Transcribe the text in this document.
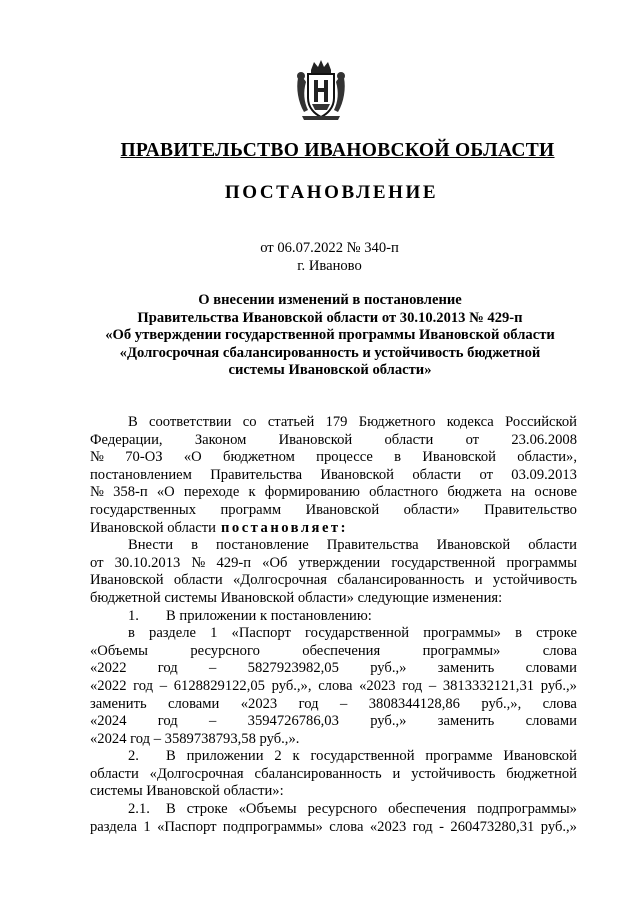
ПРАВИТЕЛЬСТВО ИВАНОВСКОЙ ОБЛАСТИ
ПОСТАНОВЛЕНИЕ
от 06.07.2022 № 340-п
г. Иваново
О внесении изменений в постановление
Правительства Ивановской области от 30.10.2013 № 429-п
«Об утверждении государственной программы Ивановской области
«Долгосрочная сбалансированность и устойчивость бюджетной
системы Ивановской области»
В соответствии со статьей 179 Бюджетного кодекса Российской
Федерации, Законом Ивановской области от 23.06.2008
№ 70-ОЗ «О бюджетном процессе в Ивановской области»,
постановлением Правительства Ивановской области от 03.09.2013
№ 358-п «О переходе к формированию областного бюджета на основе
государственных программ Ивановской области» Правительство
Ивановской области постановляет:
Внести в постановление Правительства Ивановской области
от 30.10.2013 № 429-п «Об утверждении государственной программы
Ивановской области «Долгосрочная сбалансированность и устойчивость
бюджетной системы Ивановской области» следующие изменения:
1.	В приложении к постановлению:
в разделе 1 «Паспорт государственной программы» в строке
«Объемы	ресурсного	обеспечения	программы»	слова
«2022 год – 5827923982,05 руб.,» заменить словами
«2022 год – 6128829122,05 руб.,», слова «2023 год – 3813332121,31 руб.,»
заменить словами «2023 год – 3808344128,86 руб.,», слова
«2024 год – 3594726786,03 руб.,» заменить словами
«2024 год – 3589738793,58 руб.,».
2.	В приложении 2 к государственной программе Ивановской
области «Долгосрочная сбалансированность и устойчивость бюджетной
системы Ивановской области»:
2.1.	В строке «Объемы ресурсного обеспечения подпрограммы»
раздела 1 «Паспорт подпрограммы» слова «2023 год - 260473280,31 руб.,»
